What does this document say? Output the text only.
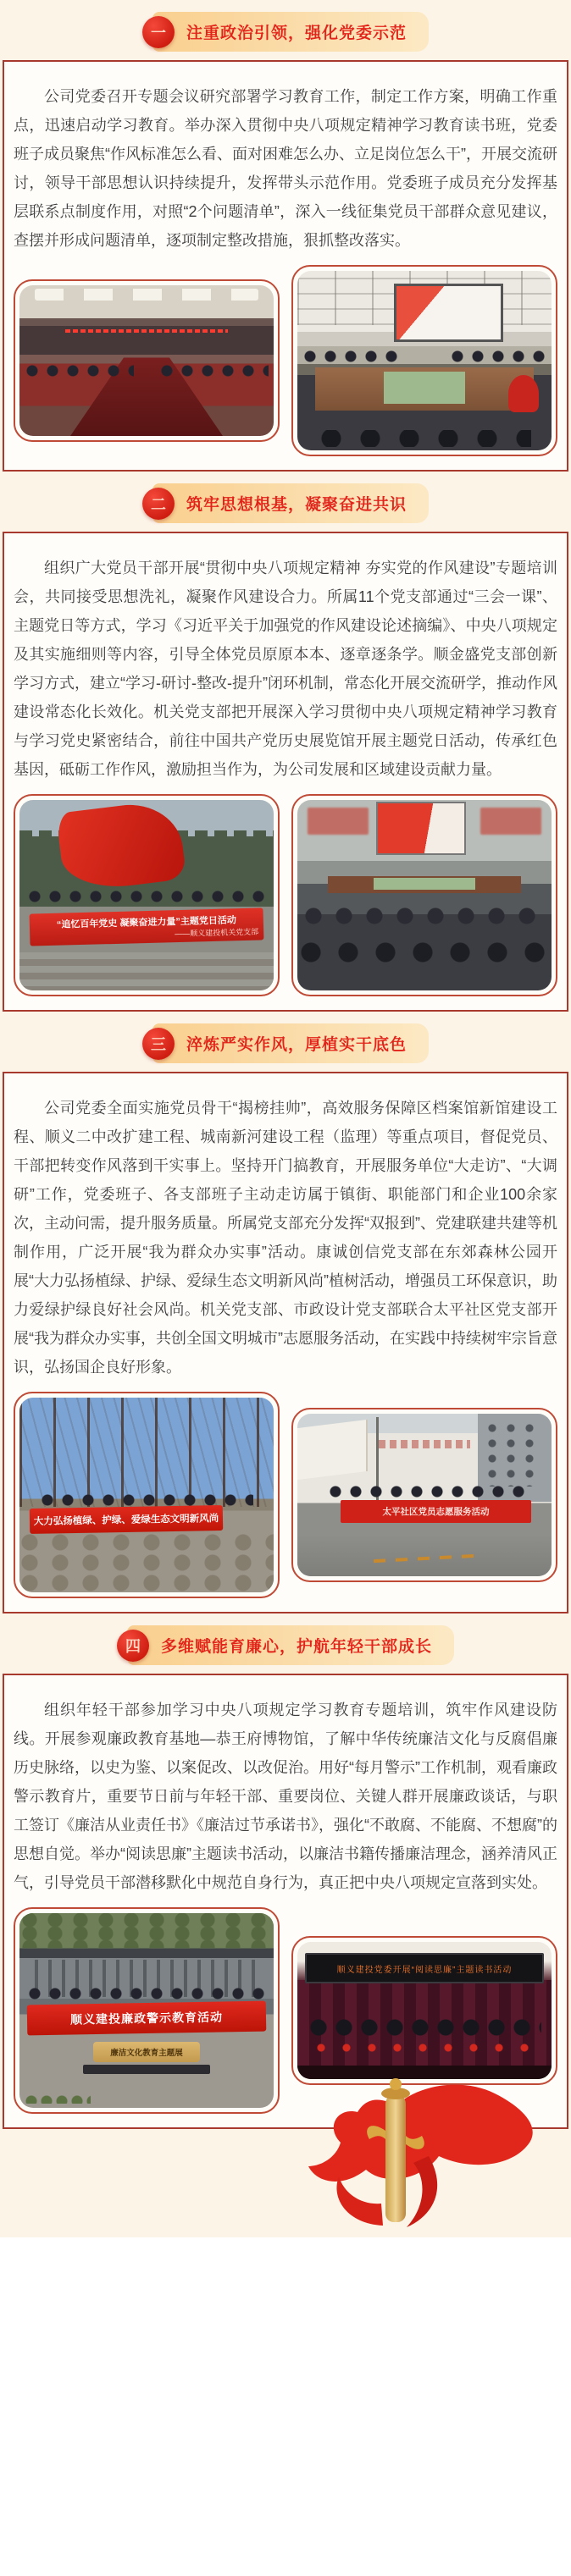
一	注重政治引领，强化党委示范

公司党委召开专题会议研究部署学习教育工作，制定工作方案，明确工作重点，迅速启动学习教育。举办深入贯彻中央八项规定精神学习教育读书班，党委班子成员聚焦“作风标准怎么看、面对困难怎么办、立足岗位怎么干”，开展交流研讨，领导干部思想认识持续提升，发挥带头示范作用。党委班子成员充分发挥基层联系点制度作用，对照“2个问题清单”，深入一线征集党员干部群众意见建议，查摆并形成问题清单，逐项制定整改措施，狠抓整改落实。

二	筑牢思想根基，凝聚奋进共识

组织广大党员干部开展“贯彻中央八项规定精神 夯实党的作风建设”专题培训会，共同接受思想洗礼，凝聚作风建设合力。所属11个党支部通过“三会一课”、主题党日等方式，学习《习近平关于加强党的作风建设论述摘编》、中央八项规定及其实施细则等内容，引导全体党员原原本本、逐章逐条学。顺金盛党支部创新学习方式，建立“学习-研讨-整改-提升”闭环机制，常态化开展交流研学，推动作风建设常态化长效化。机关党支部把开展深入学习贯彻中央八项规定精神学习教育与学习党史紧密结合，前往中国共产党历史展览馆开展主题党日活动，传承红色基因，砥砺工作作风，激励担当作为，为公司发展和区域建设贡献力量。

“追忆百年党史 凝聚奋进力量”主题党日活动
——顺义建投机关党支部
三	淬炼严实作风，厚植实干底色

公司党委全面实施党员骨干“揭榜挂帅”，高效服务保障区档案馆新馆建设工程、顺义二中改扩建工程、城南新河建设工程（监理）等重点项目，督促党员、干部把转变作风落到干实事上。坚持开门搞教育，开展服务单位“大走访”、“大调研”工作，党委班子、各支部班子主动走访属于镇街、职能部门和企业100余家次，主动问需，提升服务质量。所属党支部充分发挥“双报到”、党建联建共建等机制作用，广泛开展“我为群众办实事”活动。康诚创信党支部在东郊森林公园开展“大力弘扬植绿、护绿、爱绿生态文明新风尚”植树活动，增强员工环保意识，助力爱绿护绿良好社会风尚。机关党支部、市政设计党支部联合太平社区党支部开展“我为群众办实事，共创全国文明城市”志愿服务活动，在实践中持续树牢宗旨意识，弘扬国企良好形象。

大力弘扬植绿、护绿、爱绿生态文明新风尚
太平社区党员志愿服务活动
四	多维赋能育廉心，护航年轻干部成长

组织年轻干部参加学习中央八项规定学习教育专题培训，筑牢作风建设防线。开展参观廉政教育基地—恭王府博物馆，了解中华传统廉洁文化与反腐倡廉历史脉络，以史为鉴、以案促改、以改促治。用好“每月警示”工作机制，观看廉政警示教育片，重要节日前与年轻干部、重要岗位、关键人群开展廉政谈话，与职工签订《廉洁从业责任书》《廉洁过节承诺书》，强化“不敢腐、不能腐、不想腐”的思想自觉。举办“阅读思廉”主题读书活动，以廉洁书籍传播廉洁理念，涵养清风正气，引导党员干部潜移默化中规范自身行为，真正把中央八项规定宣落到实处。

顺义建投廉政警示教育活动
廉洁文化教育主题展
顺义建投党委开展“阅读思廉”主题读书活动
